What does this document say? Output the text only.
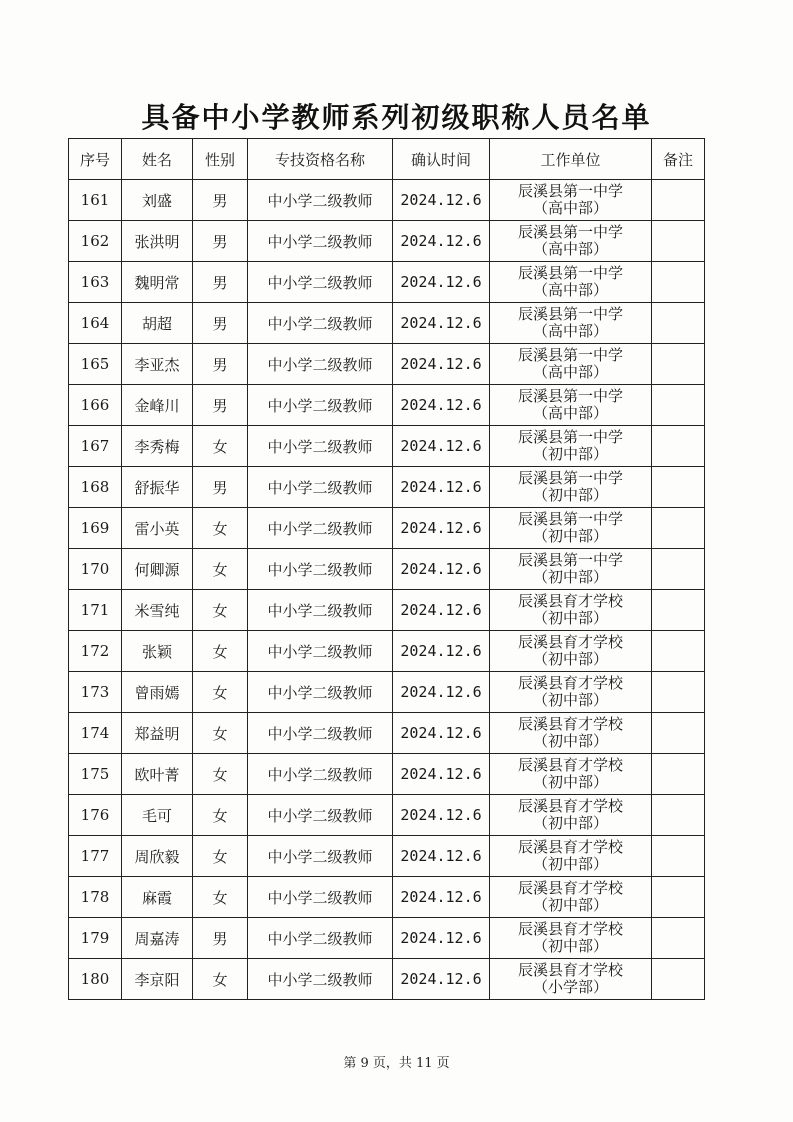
具备中小学教师系列初级职称人员名单
序号	姓名	性别	专技资格名称	确认时间	工作单位	备注
161	刘盛	男	中小学二级教师	2024.12.6	辰溪县第一中学
（高中部）	

162	张洪明	男	中小学二级教师	2024.12.6	辰溪县第一中学
（高中部）	

163	魏明常	男	中小学二级教师	2024.12.6	辰溪县第一中学
（高中部）	

164	胡超	男	中小学二级教师	2024.12.6	辰溪县第一中学
（高中部）	

165	李亚杰	男	中小学二级教师	2024.12.6	辰溪县第一中学
（高中部）	

166	金峰川	男	中小学二级教师	2024.12.6	辰溪县第一中学
（高中部）	

167	李秀梅	女	中小学二级教师	2024.12.6	辰溪县第一中学
（初中部）	

168	舒振华	男	中小学二级教师	2024.12.6	辰溪县第一中学
（初中部）	

169	雷小英	女	中小学二级教师	2024.12.6	辰溪县第一中学
（初中部）	

170	何卿源	女	中小学二级教师	2024.12.6	辰溪县第一中学
（初中部）	

171	米雪纯	女	中小学二级教师	2024.12.6	辰溪县育才学校
（初中部）	

172	张颖	女	中小学二级教师	2024.12.6	辰溪县育才学校
（初中部）	

173	曾雨嫣	女	中小学二级教师	2024.12.6	辰溪县育才学校
（初中部）	

174	郑益明	女	中小学二级教师	2024.12.6	辰溪县育才学校
（初中部）	

175	欧叶菁	女	中小学二级教师	2024.12.6	辰溪县育才学校
（初中部）	

176	毛可	女	中小学二级教师	2024.12.6	辰溪县育才学校
（初中部）	

177	周欣毅	女	中小学二级教师	2024.12.6	辰溪县育才学校
（初中部）	

178	麻霞	女	中小学二级教师	2024.12.6	辰溪县育才学校
（初中部）	

179	周嘉涛	男	中小学二级教师	2024.12.6	辰溪县育才学校
（初中部）	

180	李京阳	女	中小学二级教师	2024.12.6	辰溪县育才学校
（小学部）	

第 9 页，共 11 页
